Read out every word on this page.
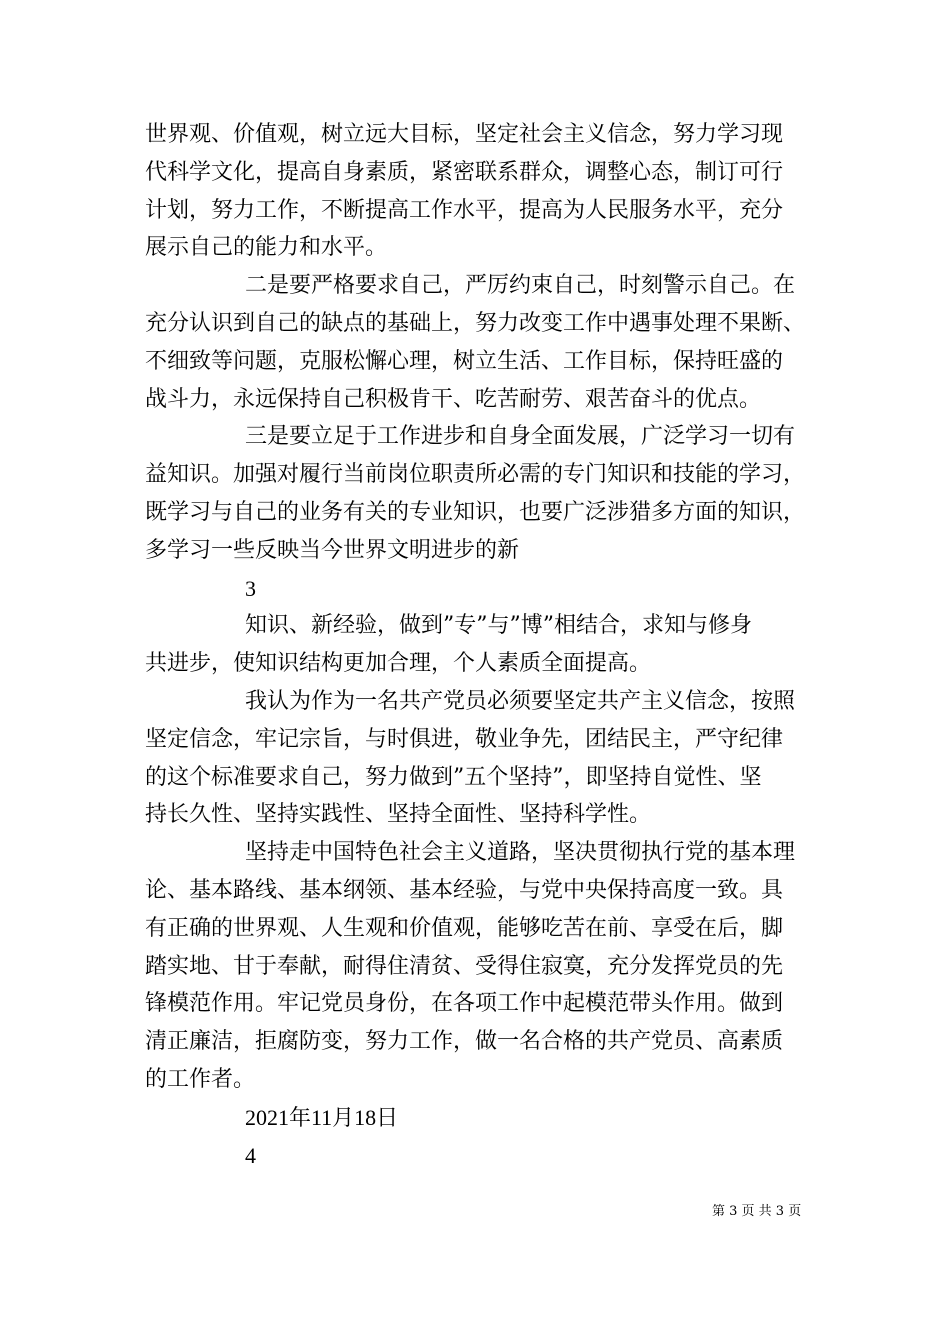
世界观、价值观，树立远大目标，坚定社会主义信念，努力学习现
代科学文化，提高自身素质，紧密联系群众，调整心态，制订可行
计划，努力工作，不断提高工作水平，提高为人民服务水平，充分
展示自己的能力和水平。
二是要严格要求自己，严厉约束自己，时刻警示自己。在
充分认识到自己的缺点的基础上，努力改变工作中遇事处理不果断、
不细致等问题，克服松懈心理，树立生活、工作目标，保持旺盛的
战斗力，永远保持自己积极肯干、吃苦耐劳、艰苦奋斗的优点。
三是要立足于工作进步和自身全面发展，广泛学习一切有
益知识。加强对履行当前岗位职责所必需的专门知识和技能的学习，
既学习与自己的业务有关的专业知识，也要广泛涉猎多方面的知识，
多学习一些反映当今世界文明进步的新
3
知识、新经验，做到”专”与”博”相结合，求知与修身
共进步，使知识结构更加合理，个人素质全面提高。
我认为作为一名共产党员必须要坚定共产主义信念，按照
坚定信念，牢记宗旨，与时俱进，敬业争先，团结民主，严守纪律
的这个标准要求自己，努力做到”五个坚持”，即坚持自觉性、坚
持长久性、坚持实践性、坚持全面性、坚持科学性。
坚持走中国特色社会主义道路，坚决贯彻执行党的基本理
论、基本路线、基本纲领、基本经验，与党中央保持高度一致。具
有正确的世界观、人生观和价值观，能够吃苦在前、享受在后，脚
踏实地、甘于奉献，耐得住清贫、受得住寂寞，充分发挥党员的先
锋模范作用。牢记党员身份，在各项工作中起模范带头作用。做到
清正廉洁，拒腐防变，努力工作，做一名合格的共产党员、高素质
的工作者。
2021年11月18日
4
第 3 页 共 3 页
